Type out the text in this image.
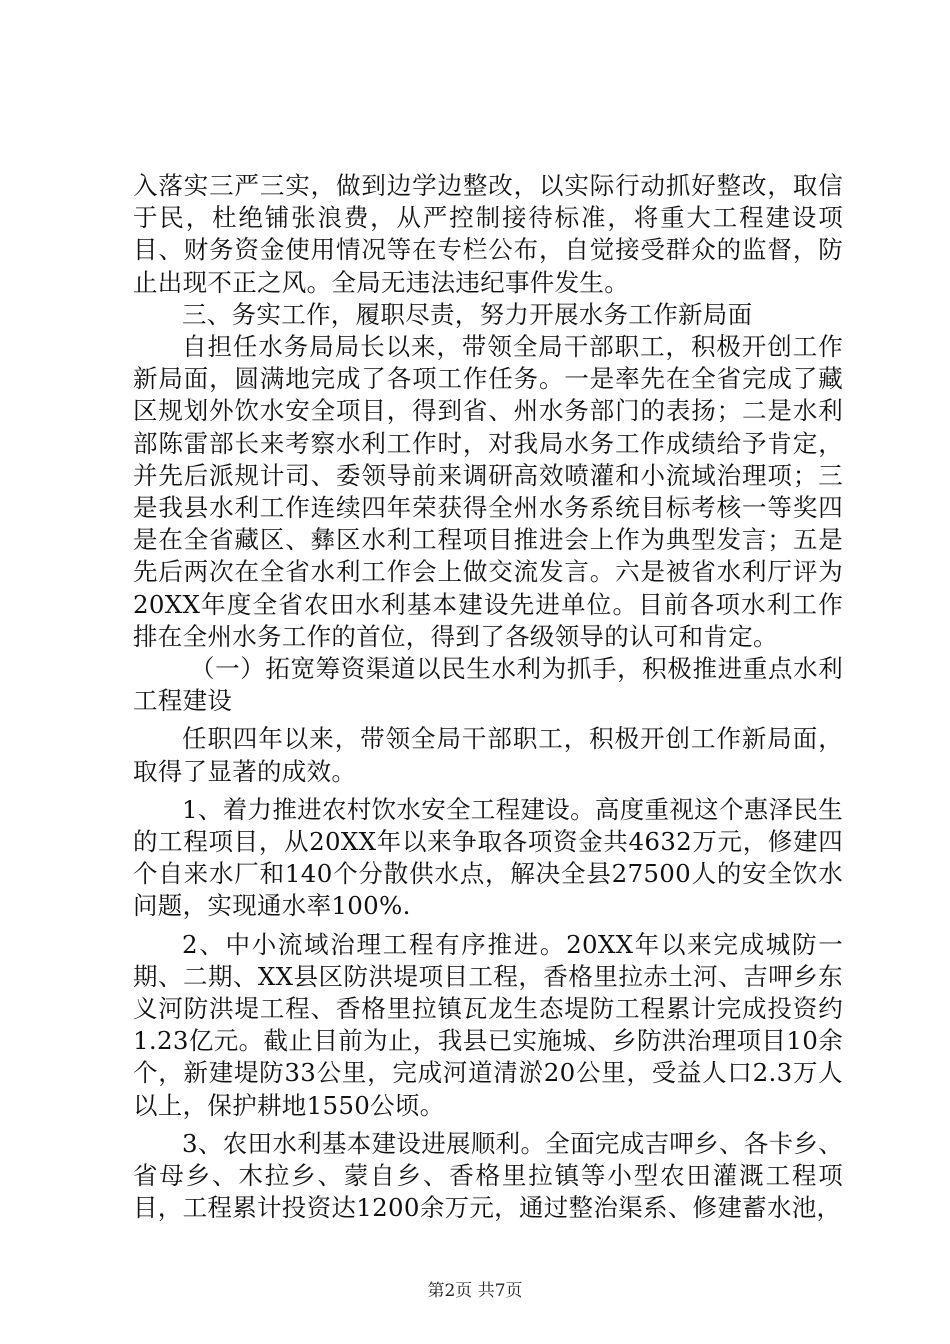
入落实三严三实，做到边学边整改，以实际行动抓好整改，取信于民，杜绝铺张浪费，从严控制接待标准，将重大工程建设项目、财务资金使用情况等在专栏公布，自觉接受群众的监督，防止出现不正之风。全局无违法违纪事件发生。

三、务实工作，履职尽责，努力开展水务工作新局面

自担任水务局局长以来，带领全局干部职工，积极开创工作新局面，圆满地完成了各项工作任务。一是率先在全省完成了藏区规划外饮水安全项目，得到省、州水务部门的表扬；二是水利部陈雷部长来考察水利工作时，对我局水务工作成绩给予肯定，并先后派规计司、委领导前来调研高效喷灌和小流域治理项；三是我县水利工作连续四年荣获得全州水务系统目标考核一等奖四是在全省藏区、彝区水利工程项目推进会上作为典型发言；五是先后两次在全省水利工作会上做交流发言。六是被省水利厅评为20XX年度全省农田水利基本建设先进单位。目前各项水利工作排在全州水务工作的首位，得到了各级领导的认可和肯定。

（一）拓宽筹资渠道以民生水利为抓手，积极推进重点水利工程建设

任职四年以来，带领全局干部职工，积极开创工作新局面，取得了显著的成效。

1、着力推进农村饮水安全工程建设。高度重视这个惠泽民生的工程项目，从20XX年以来争取各项资金共4632万元，修建四个自来水厂和140个分散供水点，解决全县27500人的安全饮水问题，实现通水率100%.

2、中小流域治理工程有序推进。20XX年以来完成城防一期、二期、XX县区防洪堤项目工程，香格里拉赤土河、吉呷乡东义河防洪堤工程、香格里拉镇瓦龙生态堤防工程累计完成投资约1.23亿元。截止目前为止，我县已实施城、乡防洪治理项目10余个，新建堤防33公里，完成河道清淤20公里，受益人口2.3万人以上，保护耕地1550公顷。

3、农田水利基本建设进展顺利。全面完成吉呷乡、各卡乡、省母乡、木拉乡、蒙自乡、香格里拉镇等小型农田灌溉工程项目，工程累计投资达1200余万元，通过整治渠系、修建蓄水池，

第2页 共7页
